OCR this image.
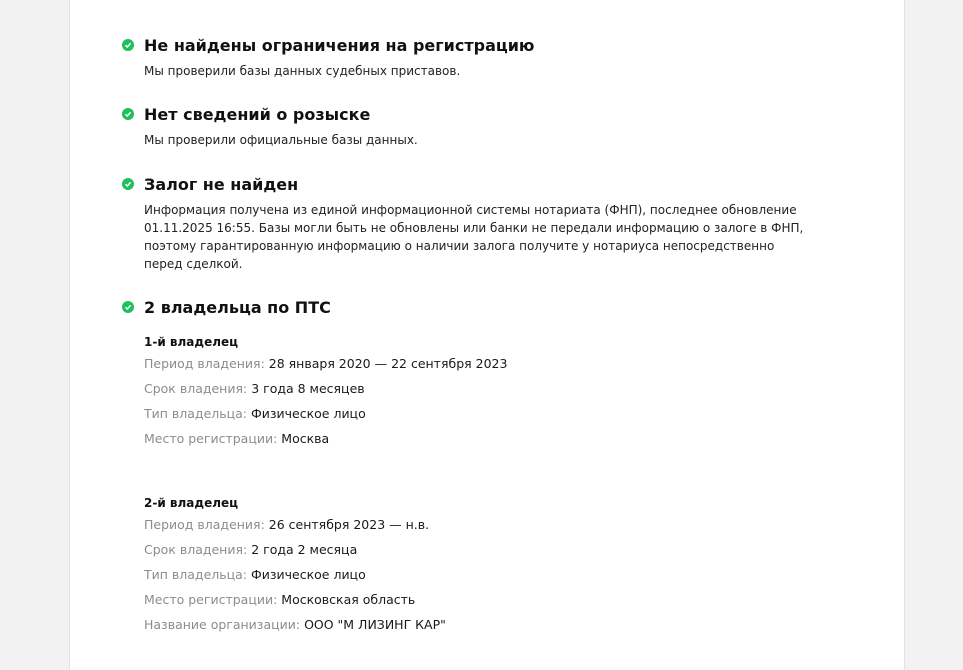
Не найдены ограничения на регистрацию
Мы проверили базы данных судебных приставов.
Нет сведений о розыске
Мы проверили официальные базы данных.
Залог не найден
Информация получена из единой информационной системы нотариата (ФНП), последнее обновление 01.11.2025 16:55. Базы могли быть не обновлены или банки не передали информацию о залоге в ФНП, поэтому гарантированную информацию о наличии залога получите у нотариуса непосредственно перед сделкой.
2 владельца по ПТС
1-й владелец
Период владения: 28 января 2020 — 22 сентября 2023
Срок владения: 3 года 8 месяцев
Тип владельца: Физическое лицо
Место регистрации: Москва
2-й владелец
Период владения: 26 сентября 2023 — н.в.
Срок владения: 2 года 2 месяца
Тип владельца: Физическое лицо
Место регистрации: Московская область
Название организации: ООО "М ЛИЗИНГ КАР"
